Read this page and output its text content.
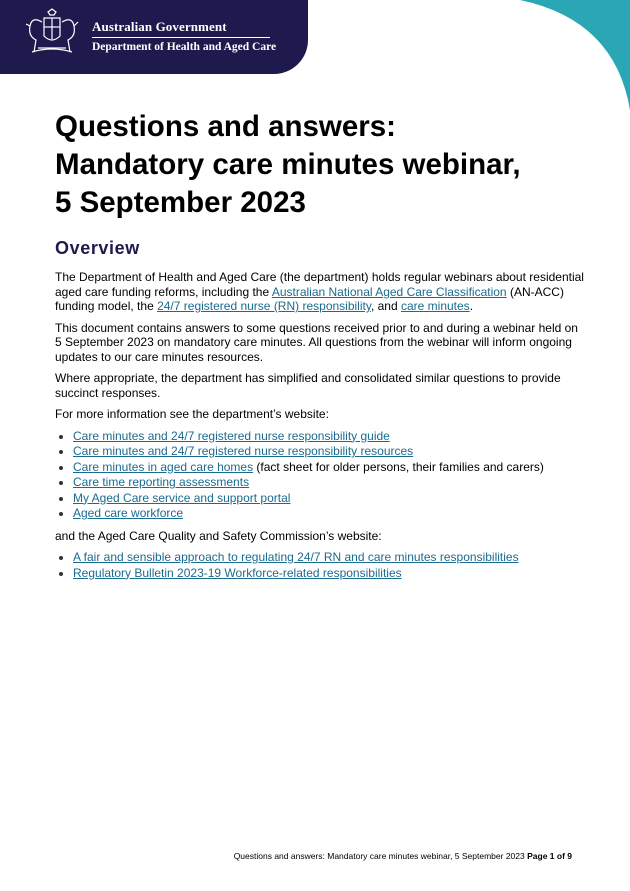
Australian Government
Department of Health and Aged Care
Questions and answers:
Mandatory care minutes webinar,
5 September 2023
Overview

The Department of Health and Aged Care (the department) holds regular webinars about residential aged care funding reforms, including the Australian National Aged Care Classification (AN-ACC) funding model, the 24/7 registered nurse (RN) responsibility, and care minutes.

This document contains answers to some questions received prior to and during a webinar held on 5 September 2023 on mandatory care minutes. All questions from the webinar will inform ongoing updates to our care minutes resources.

Where appropriate, the department has simplified and consolidated similar questions to provide succinct responses.

For more information see the department’s website:

Care minutes and 24/7 registered nurse responsibility guide
Care minutes and 24/7 registered nurse responsibility resources
Care minutes in aged care homes (fact sheet for older persons, their families and carers)
Care time reporting assessments
My Aged Care service and support portal
Aged care workforce

and the Aged Care Quality and Safety Commission’s website:

A fair and sensible approach to regulating 24/7 RN and care minutes responsibilities
Regulatory Bulletin 2023-19 Workforce-related responsibilities
Questions and answers: Mandatory care minutes webinar, 5 September 2023 Page 1 of 9
